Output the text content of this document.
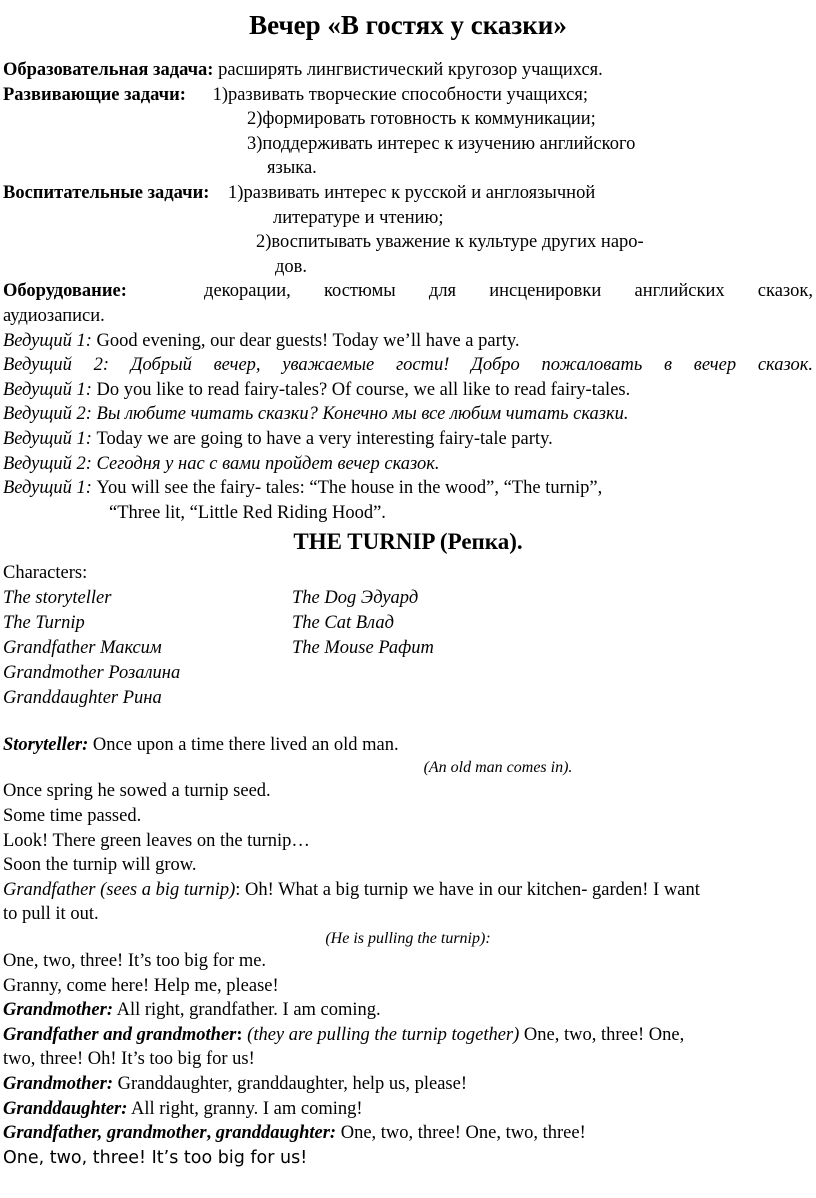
Вечер «В гостях у сказки»
Образовательная задача: расширять лингвистический кругозор учащихся.
Развивающие задачи: 1)развивать творческие способности учащихся;
2)формировать готовность к коммуникации;
3)поддерживать интерес к изучению английского
языка.
Воспитательные задачи: 1)развивать интерес к русской и англоязычной
литературе и чтению;
2)воспитывать уважение к культуре других наро-
дов.
Оборудование:	декорации, костюмы для инсценировки английских сказок,
аудиозаписи.
Ведущий 1: Good evening, our dear guests! Today we’ll have a party.
Ведущий 2: Добрый вечер, уважаемые гости! Добро пожаловать в вечер сказок.
Ведущий 1: Do you like to read fairy-tales? Of course, we all like to read fairy-tales.
Ведущий 2: Вы любите читать сказки? Конечно мы все любим читать сказки.
Ведущий 1: Today we are going to have a very interesting fairy-tale party.
Ведущий 2: Сегодня у нас с вами пройдет вечер сказок.
Ведущий 1: You will see the fairy- tales: “The house in the wood”, “The turnip”,
“Three lit, “Little Red Riding Hood”.
THE TURNIP (Репка).
Characters:
The storyteller	The Dog Эдуард
The Turnip	The Cat Влад
Grandfather Максим	The Mouse Рафит
Grandmother Розалина
Granddaughter Рина
Storyteller: Once upon a time there lived an old man.
(An old man comes in).
Once spring he sowed a turnip seed.
Some time passed.
Look! There green leaves on the turnip…
Soon the turnip will grow.
Grandfather (sees a big turnip): Oh! What a big turnip we have in our kitchen- garden! I want
to pull it out.
(He is pulling the turnip):
One, two, three! It’s too big for me.
Granny, come here! Help me, please!
Grandmother: All right, grandfather. I am coming.
Grandfather and grandmother: (they are pulling the turnip together) One, two, three! One,
two, three! Oh! It’s too big for us!
Grandmother: Granddaughter, granddaughter, help us, please!
Granddaughter: All right, granny. I am coming!
Grandfather, grandmother, granddaughter: One, two, three! One, two, three!
One, two, three! It’s too big for us!
